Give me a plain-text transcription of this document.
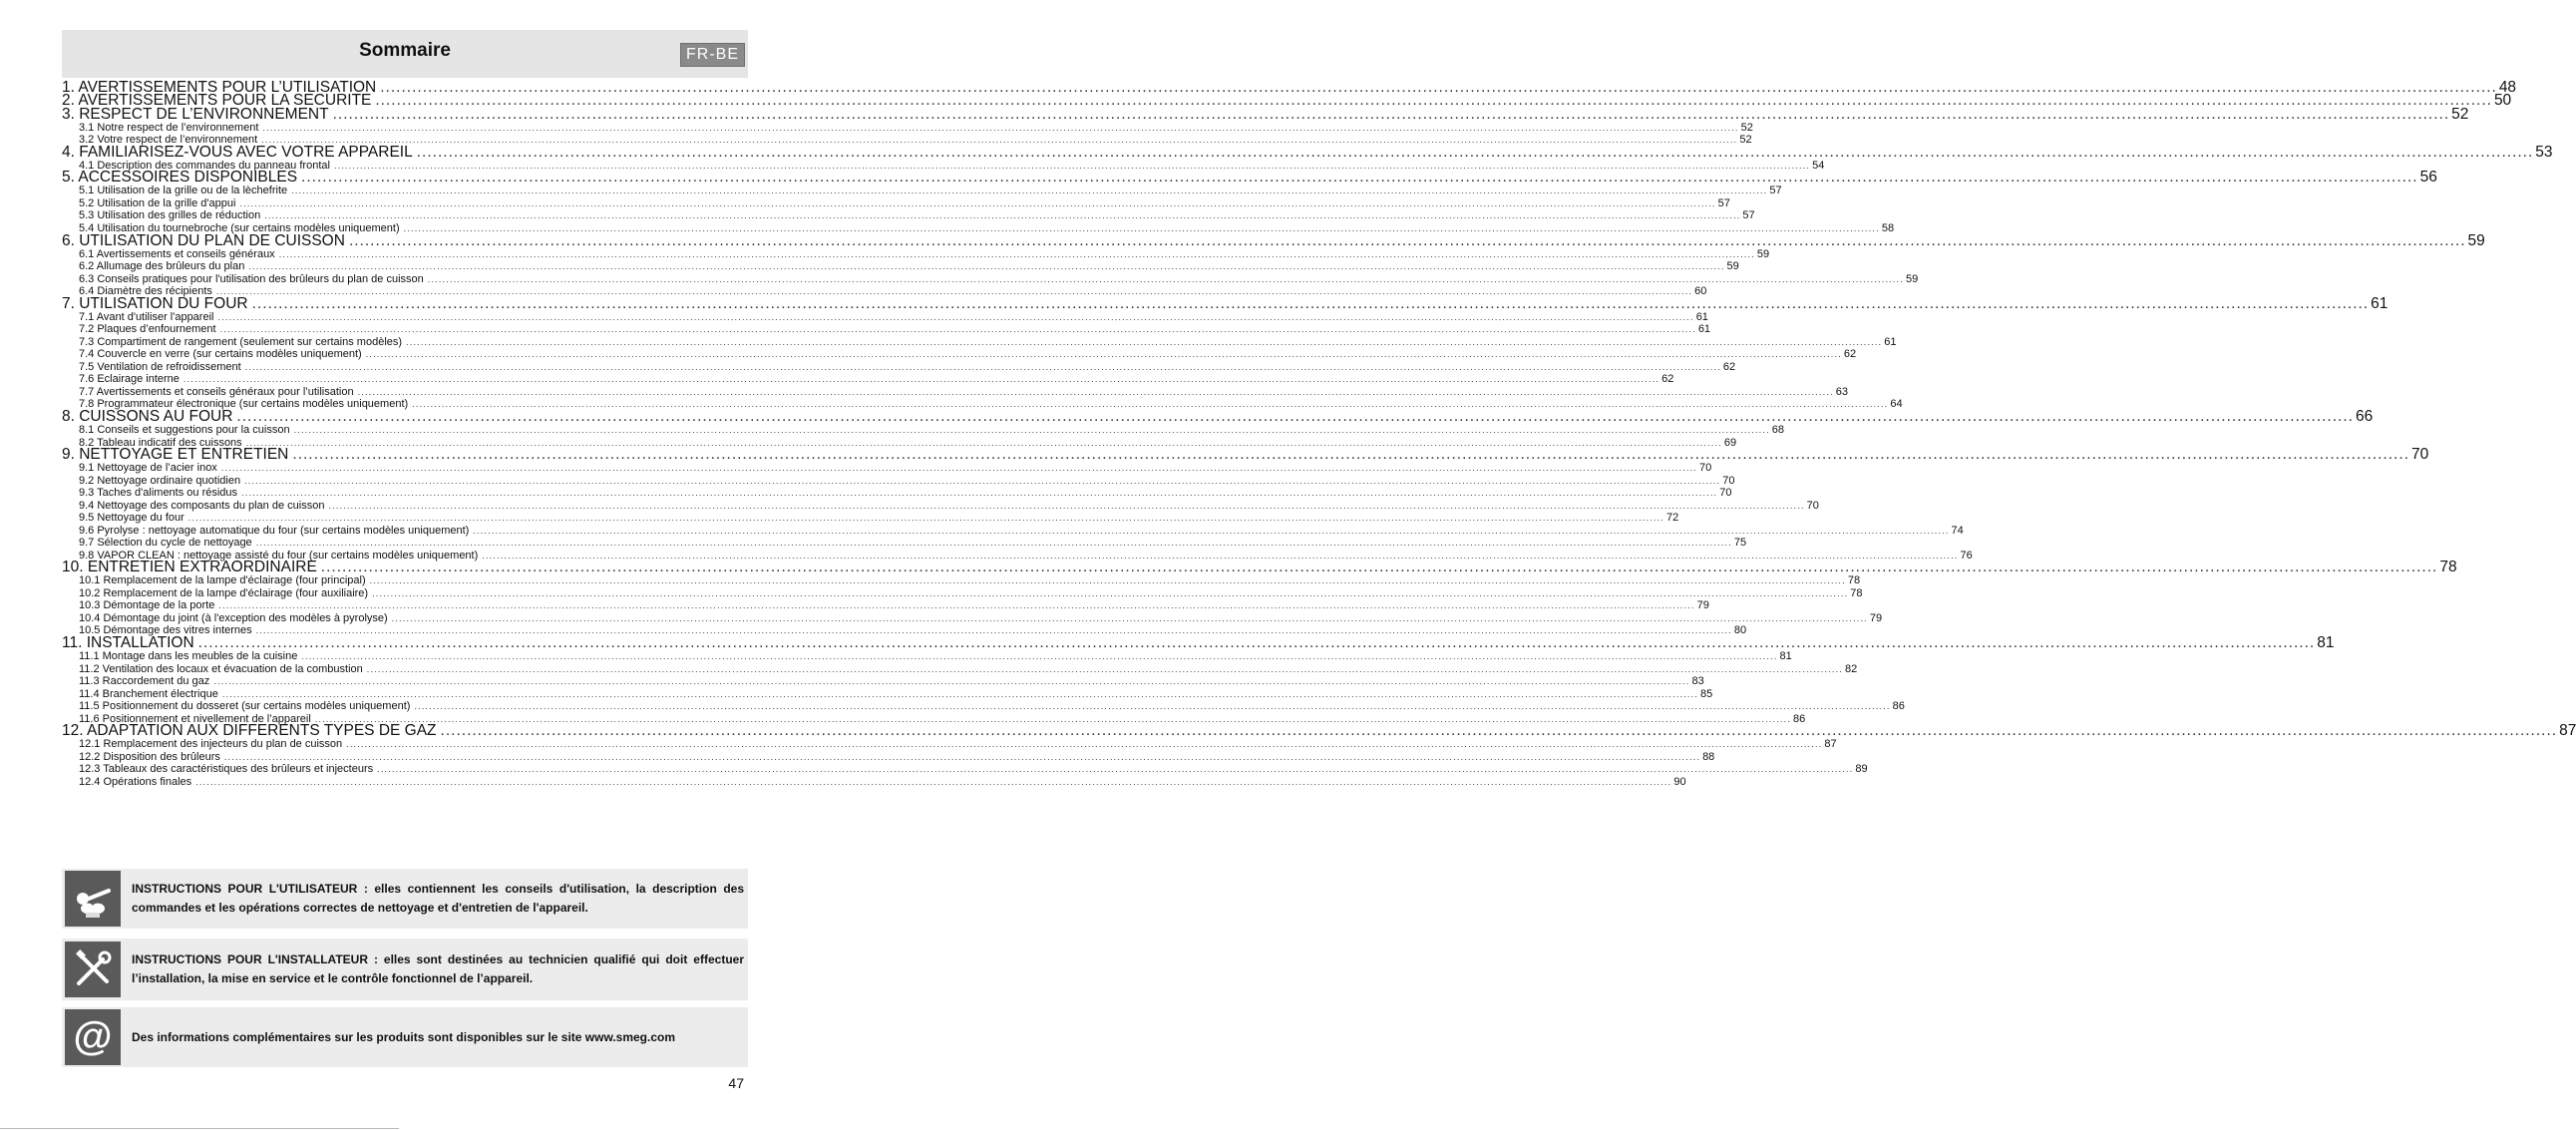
Sommaire	FR-BE
1. AVERTISSEMENTS POUR L’UTILISATION ................................................................................................................................................................................................................................................................................................................................................................................................................ 48
2. AVERTISSEMENTS POUR LA SECURITE ................................................................................................................................................................................................................................................................................................................................................................................................................ 50
3. RESPECT DE L’ENVIRONNEMENT ................................................................................................................................................................................................................................................................................................................................................................................................................ 52
3.1 Notre respect de l’environnement ................................................................................................................................................................................................................................................................................................................................................................................................................ 52
3.2 Votre respect de l’environnement ................................................................................................................................................................................................................................................................................................................................................................................................................ 52
4. FAMILIARISEZ-VOUS AVEC VOTRE APPAREIL ................................................................................................................................................................................................................................................................................................................................................................................................................ 53
4.1 Description des commandes du panneau frontal ................................................................................................................................................................................................................................................................................................................................................................................................................ 54
5. ACCESSOIRES DISPONIBLES ................................................................................................................................................................................................................................................................................................................................................................................................................ 56
5.1 Utilisation de la grille ou de la lèchefrite ................................................................................................................................................................................................................................................................................................................................................................................................................ 57
5.2 Utilisation de la grille d'appui ................................................................................................................................................................................................................................................................................................................................................................................................................ 57
5.3 Utilisation des grilles de réduction ................................................................................................................................................................................................................................................................................................................................................................................................................ 57
5.4 Utilisation du tournebroche (sur certains modèles uniquement) ................................................................................................................................................................................................................................................................................................................................................................................................................ 58
6. UTILISATION DU PLAN DE CUISSON ................................................................................................................................................................................................................................................................................................................................................................................................................ 59
6.1 Avertissements et conseils généraux ................................................................................................................................................................................................................................................................................................................................................................................................................ 59
6.2 Allumage des brûleurs du plan ................................................................................................................................................................................................................................................................................................................................................................................................................ 59
6.3 Conseils pratiques pour l'utilisation des brûleurs du plan de cuisson ................................................................................................................................................................................................................................................................................................................................................................................................................ 59
6.4 Diamètre des récipients ................................................................................................................................................................................................................................................................................................................................................................................................................ 60
7. UTILISATION DU FOUR ................................................................................................................................................................................................................................................................................................................................................................................................................ 61
7.1 Avant d'utiliser l'appareil ................................................................................................................................................................................................................................................................................................................................................................................................................ 61
7.2 Plaques d’enfournement ................................................................................................................................................................................................................................................................................................................................................................................................................ 61
7.3 Compartiment de rangement (seulement sur certains modèles) ................................................................................................................................................................................................................................................................................................................................................................................................................ 61
7.4 Couvercle en verre (sur certains modèles uniquement) ................................................................................................................................................................................................................................................................................................................................................................................................................ 62
7.5 Ventilation de refroidissement ................................................................................................................................................................................................................................................................................................................................................................................................................ 62
7.6 Eclairage interne ................................................................................................................................................................................................................................................................................................................................................................................................................ 62
7.7 Avertissements et conseils généraux pour l’utilisation ................................................................................................................................................................................................................................................................................................................................................................................................................ 63
7.8 Programmateur électronique (sur certains modèles uniquement) ................................................................................................................................................................................................................................................................................................................................................................................................................ 64
8. CUISSONS AU FOUR ................................................................................................................................................................................................................................................................................................................................................................................................................ 66
8.1 Conseils et suggestions pour la cuisson ................................................................................................................................................................................................................................................................................................................................................................................................................ 68
8.2 Tableau indicatif des cuissons ................................................................................................................................................................................................................................................................................................................................................................................................................ 69
9. NETTOYAGE ET ENTRETIEN ................................................................................................................................................................................................................................................................................................................................................................................................................ 70
9.1 Nettoyage de l’acier inox ................................................................................................................................................................................................................................................................................................................................................................................................................ 70
9.2 Nettoyage ordinaire quotidien ................................................................................................................................................................................................................................................................................................................................................................................................................ 70
9.3 Taches d'aliments ou résidus ................................................................................................................................................................................................................................................................................................................................................................................................................ 70
9.4 Nettoyage des composants du plan de cuisson ................................................................................................................................................................................................................................................................................................................................................................................................................ 70
9.5 Nettoyage du four ................................................................................................................................................................................................................................................................................................................................................................................................................ 72
9.6 Pyrolyse : nettoyage automatique du four (sur certains modèles uniquement) ................................................................................................................................................................................................................................................................................................................................................................................................................ 74
9.7 Sélection du cycle de nettoyage ................................................................................................................................................................................................................................................................................................................................................................................................................ 75
9.8 VAPOR CLEAN : nettoyage assisté du four (sur certains modèles uniquement) ................................................................................................................................................................................................................................................................................................................................................................................................................ 76
10. ENTRETIEN EXTRAORDINAIRE ................................................................................................................................................................................................................................................................................................................................................................................................................ 78
10.1 Remplacement de la lampe d'éclairage (four principal) ................................................................................................................................................................................................................................................................................................................................................................................................................ 78
10.2 Remplacement de la lampe d'éclairage (four auxiliaire) ................................................................................................................................................................................................................................................................................................................................................................................................................ 78
10.3 Démontage de la porte ................................................................................................................................................................................................................................................................................................................................................................................................................ 79
10.4 Démontage du joint (à l'exception des modèles à pyrolyse) ................................................................................................................................................................................................................................................................................................................................................................................................................ 79
10.5 Démontage des vitres internes ................................................................................................................................................................................................................................................................................................................................................................................................................ 80
11. INSTALLATION ................................................................................................................................................................................................................................................................................................................................................................................................................ 81
11.1 Montage dans les meubles de la cuisine ................................................................................................................................................................................................................................................................................................................................................................................................................ 81
11.2 Ventilation des locaux et évacuation de la combustion ................................................................................................................................................................................................................................................................................................................................................................................................................ 82
11.3 Raccordement du gaz ................................................................................................................................................................................................................................................................................................................................................................................................................ 83
11.4 Branchement électrique ................................................................................................................................................................................................................................................................................................................................................................................................................ 85
11.5 Positionnement du dosseret (sur certains modèles uniquement) ................................................................................................................................................................................................................................................................................................................................................................................................................ 86
11.6 Positionnement et nivellement de l’appareil ................................................................................................................................................................................................................................................................................................................................................................................................................ 86
12. ADAPTATION AUX DIFFERENTS TYPES DE GAZ ................................................................................................................................................................................................................................................................................................................................................................................................................ 87
12.1 Remplacement des injecteurs du plan de cuisson ................................................................................................................................................................................................................................................................................................................................................................................................................ 87
12.2 Disposition des brûleurs ................................................................................................................................................................................................................................................................................................................................................................................................................ 88
12.3 Tableaux des caractéristiques des brûleurs et injecteurs ................................................................................................................................................................................................................................................................................................................................................................................................................ 89
12.4 Opérations finales ................................................................................................................................................................................................................................................................................................................................................................................................................ 90
INSTRUCTIONS POUR L'UTILISATEUR : elles contiennent les conseils d'utilisation, la description des commandes et les opérations correctes de nettoyage et d'entretien de l'appareil.
INSTRUCTIONS POUR L'INSTALLATEUR : elles sont destinées au technicien qualifié qui doit effectuer l’installation, la mise en service et le contrôle fonctionnel de l’appareil.
@ Des informations complémentaires sur les produits sont disponibles sur le site www.smeg.com
47
